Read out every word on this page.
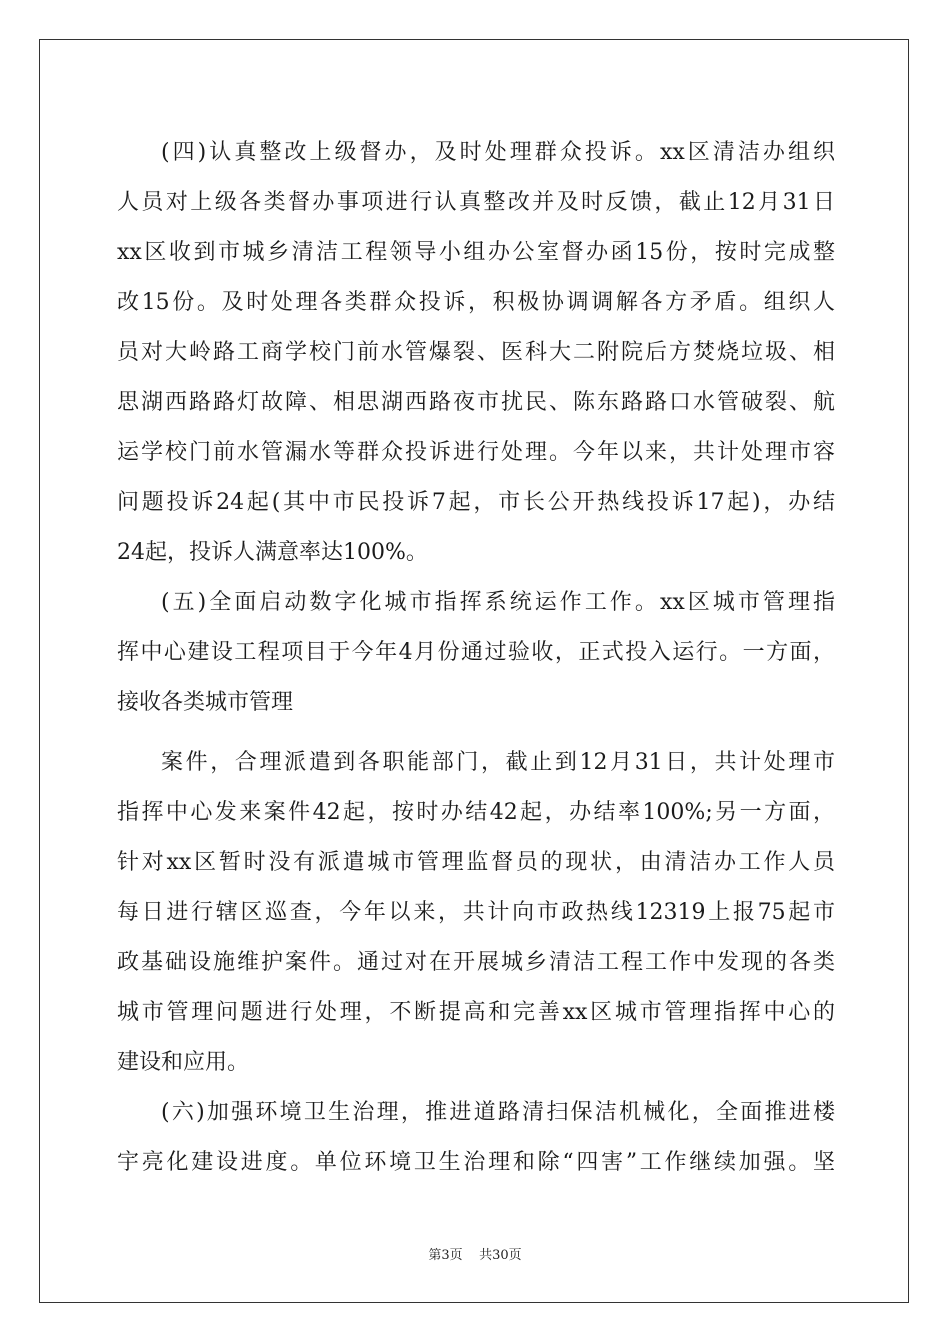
(四)认真整改上级督办，及时处理群众投诉。xx区清洁办组织
人员对上级各类督办事项进行认真整改并及时反馈，截止12月31日
xx区收到市城乡清洁工程领导小组办公室督办函15份，按时完成整
改15份。及时处理各类群众投诉，积极协调调解各方矛盾。组织人
员对大岭路工商学校门前水管爆裂、医科大二附院后方焚烧垃圾、相
思湖西路路灯故障、相思湖西路夜市扰民、陈东路路口水管破裂、航
运学校门前水管漏水等群众投诉进行处理。今年以来，共计处理市容
问题投诉24起(其中市民投诉7起，市长公开热线投诉17起)，办结
24起，投诉人满意率达100%。
(五)全面启动数字化城市指挥系统运作工作。xx区城市管理指
挥中心建设工程项目于今年4月份通过验收，正式投入运行。一方面，
接收各类城市管理
案件，合理派遣到各职能部门，截止到12月31日，共计处理市
指挥中心发来案件42起，按时办结42起，办结率100%;另一方面，
针对xx区暂时没有派遣城市管理监督员的现状，由清洁办工作人员
每日进行辖区巡查，今年以来，共计向市政热线12319上报75起市
政基础设施维护案件。通过对在开展城乡清洁工程工作中发现的各类
城市管理问题进行处理，不断提高和完善xx区城市管理指挥中心的
建设和应用。
(六)加强环境卫生治理，推进道路清扫保洁机械化，全面推进楼
宇亮化建设进度。单位环境卫生治理和除“四害”工作继续加强。坚
第3页    共30页
